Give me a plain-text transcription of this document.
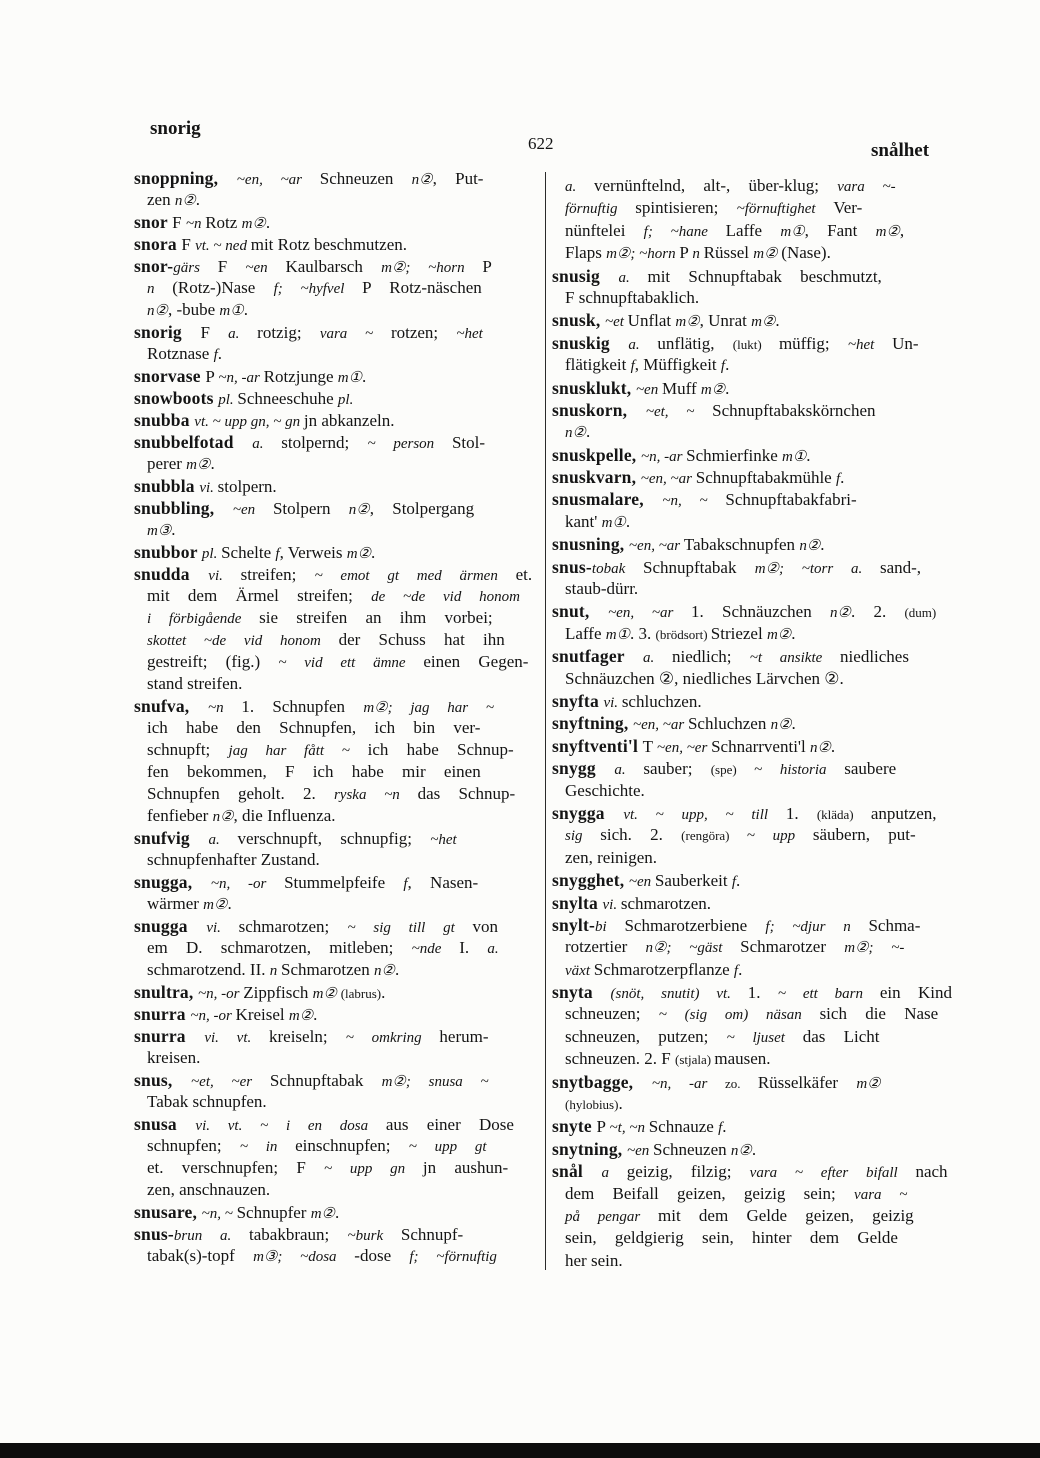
snorig
622	snålhet
snoppning, ~en, ~ar Schneuzen n②, Put-
zen n②.
snor F ~n Rotz m②.
snora F vt. ~ ned mit Rotz beschmutzen.
snor-gärs F ~en Kaulbarsch m②; ~horn P
n (Rotz-)Nase f; ~hyfvel P Rotz-näschen
n②, -bube m①.
snorig F a. rotzig; vara ~ rotzen; ~het
Rotznase f.
snorvase P ~n, -ar Rotzjunge m①.
snowboots pl. Schneeschuhe pl.
snubba vt. ~ upp gn, ~ gn jn abkanzeln.
snubbelfotad a. stolpernd; ~ person Stol-
perer m②.
snubbla vi. stolpern.
snubbling, ~en Stolpern n②, Stolpergang
m③.
snubbor pl. Schelte f, Verweis m②.
snudda vi. streifen; ~ emot gt med ärmen et.
mit dem Ärmel streifen; de ~de vid honom
i förbigående sie streifen an ihm vorbei;
skottet ~de vid honom der Schuss hat ihn
gestreift; (fig.) ~ vid ett ämne einen Gegen-
stand streifen.
snufva, ~n 1. Schnupfen m②; jag har ~
ich habe den Schnupfen, ich bin ver-
schnupft; jag har fått ~ ich habe Schnup-
fen bekommen, F ich habe mir einen
Schnupfen geholt. 2. ryska ~n das Schnup-
fenfieber n②, die Influenza.
snufvig a. verschnupft, schnupfig; ~het
schnupfenhafter Zustand.
snugga, ~n, -or Stummelpfeife f, Nasen-
wärmer m②.
snugga vi. schmarotzen; ~ sig till gt von
em D. schmarotzen, mitleben; ~nde I. a.
schmarotzend. II. n Schmarotzen n②.
snultra, ~n, -or Zippfisch m② (labrus).
snurra ~n, -or Kreisel m②.
snurra vi. vt. kreiseln; ~ omkring herum-
kreisen.
snus, ~et, ~er Schnupftabak m②; snusa ~
Tabak schnupfen.
snusa vi. vt. ~ i en dosa aus einer Dose
schnupfen; ~ in einschnupfen; ~ upp gt
et. verschnupfen; F ~ upp gn jn aushun-
zen, anschnauzen.
snusare, ~n, ~ Schnupfer m②.
snus-brun a. tabakbraun; ~burk Schnupf-
tabak(s)-topf m③; ~dosa -dose f; ~förnuftig
a. vernünftelnd, alt-, über-klug; vara ~-
förnuftig spintisieren; ~förnuftighet Ver-
nünftelei f; ~hane Laffe m①, Fant m②,
Flaps m②; ~horn P n Rüssel m② (Nase).
snusig a. mit Schnupftabak beschmutzt,
F schnupftabaklich.
snusk, ~et Unflat m②, Unrat m②.
snuskig a. unflätig, (lukt) müffig; ~het Un-
flätigkeit f, Müffigkeit f.
snusklukt, ~en Muff m②.
snuskorn, ~et, ~ Schnupftabakskörnchen
n②.
snuskpelle, ~n, -ar Schmierfinke m①.
snuskvarn, ~en, ~ar Schnupftabakmühle f.
snusmalare, ~n, ~ Schnupftabakfabri-
kant' m①.
snusning, ~en, ~ar Tabakschnupfen n②.
snus-tobak Schnupftabak m②; ~torr a. sand-,
staub-dürr.
snut, ~en, ~ar 1. Schnäuzchen n②. 2. (dum)
Laffe m①. 3. (brödsort) Striezel m②.
snutfager a. niedlich; ~t ansikte niedliches
Schnäuzchen ②, niedliches Lärvchen ②.
snyfta vi. schluchzen.
snyftning, ~en, ~ar Schluchzen n②.
snyftventi'l T ~en, ~er Schnarrventi'l n②.
snygg a. sauber; (spe) ~ historia saubere
Geschichte.
snygga vt. ~ upp, ~ till 1. (kläda) anputzen,
sig sich. 2. (rengöra) ~ upp säubern, put-
zen, reinigen.
snygghet, ~en Sauberkeit f.
snylta vi. schmarotzen.
snylt-bi Schmarotzerbiene f; ~djur n Schma-
rotzertier n②; ~gäst Schmarotzer m②; ~-
växt Schmarotzerpflanze f.
snyta (snöt, snutit) vt. 1. ~ ett barn ein Kind
schneuzen; ~ (sig om) näsan sich die Nase
schneuzen, putzen; ~ ljuset das Licht
schneuzen. 2. F (stjala) mausen.
snytbagge, ~n, -ar zo. Rüsselkäfer m②
(hylobius).
snyte P ~t, ~n Schnauze f.
snytning, ~en Schneuzen n②.
snål a geizig, filzig; vara ~ efter bifall nach
dem Beifall geizen, geizig sein; vara ~
på pengar mit dem Gelde geizen, geizig
sein, geldgierig sein, hinter dem Gelde
her sein.
